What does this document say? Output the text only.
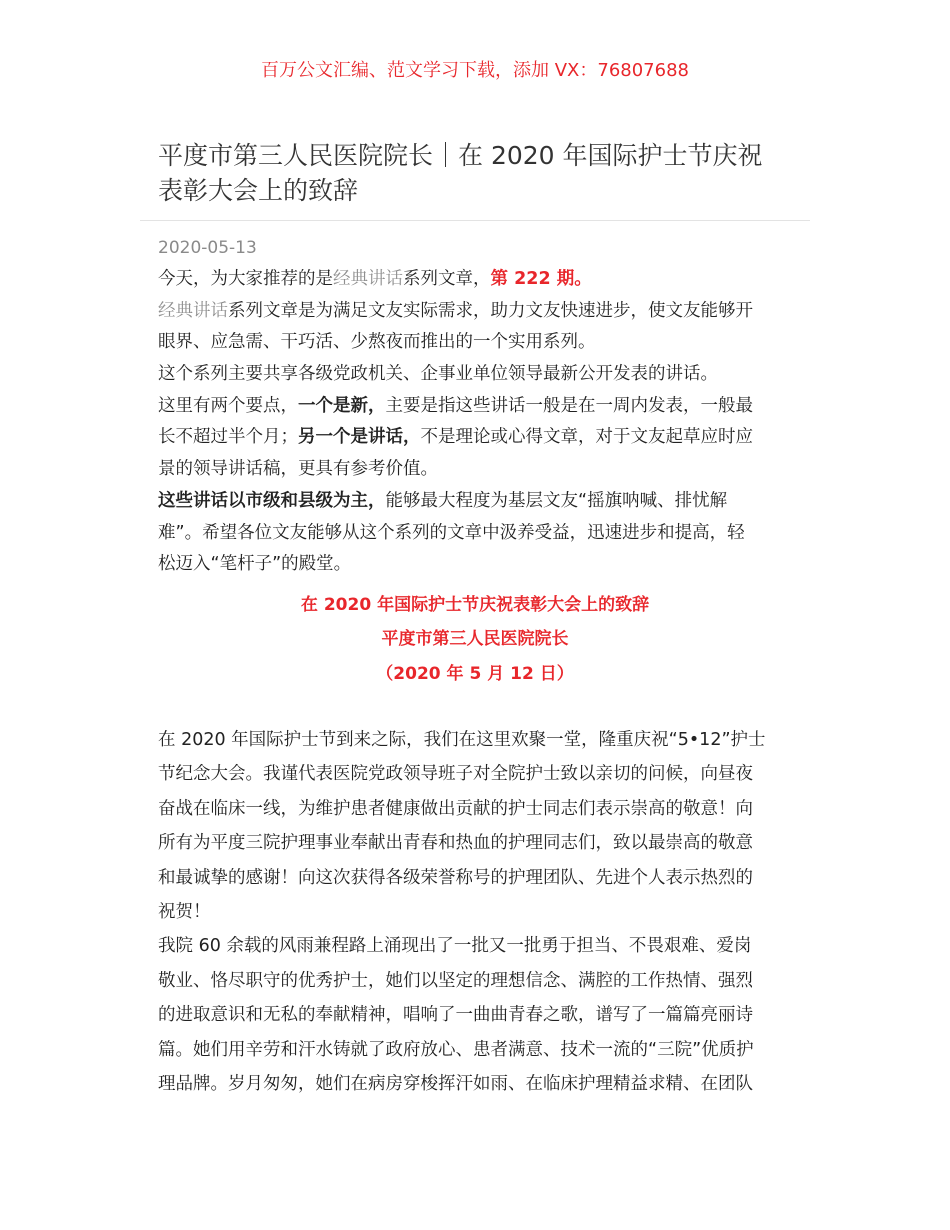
百万公文汇编、范文学习下载，添加 VX：76807688
平度市第三人民医院院长｜在 2020 年国际护士节庆祝
表彰大会上的致辞
2020-05-13
今天，为大家推荐的是经典讲话系列文章，第 222 期。
经典讲话系列文章是为满足文友实际需求，助力文友快速进步，使文友能够开
眼界、应急需、干巧活、少熬夜而推出的一个实用系列。
这个系列主要共享各级党政机关、企事业单位领导最新公开发表的讲话。
这里有两个要点，一个是新，主要是指这些讲话一般是在一周内发表，一般最
长不超过半个月；另一个是讲话，不是理论或心得文章，对于文友起草应时应
景的领导讲话稿，更具有参考价值。
这些讲话以市级和县级为主，能够最大程度为基层文友“摇旗呐喊、排忧解
难”。希望各位文友能够从这个系列的文章中汲养受益，迅速进步和提高，轻
松迈入“笔杆子”的殿堂。
在 2020 年国际护士节庆祝表彰大会上的致辞
平度市第三人民医院院长
（2020 年 5 月 12 日）
在 2020 年国际护士节到来之际，我们在这里欢聚一堂，隆重庆祝“5•12”护士
节纪念大会。我谨代表医院党政领导班子对全院护士致以亲切的问候，向昼夜
奋战在临床一线，为维护患者健康做出贡献的护士同志们表示崇高的敬意！向
所有为平度三院护理事业奉献出青春和热血的护理同志们，致以最崇高的敬意
和最诚挚的感谢！向这次获得各级荣誉称号的护理团队、先进个人表示热烈的
祝贺！
我院 60 余载的风雨兼程路上涌现出了一批又一批勇于担当、不畏艰难、爱岗
敬业、恪尽职守的优秀护士，她们以坚定的理想信念、满腔的工作热情、强烈
的进取意识和无私的奉献精神，唱响了一曲曲青春之歌，谱写了一篇篇亮丽诗
篇。她们用辛劳和汗水铸就了政府放心、患者满意、技术一流的“三院”优质护
理品牌。岁月匆匆，她们在病房穿梭挥汗如雨、在临床护理精益求精、在团队
